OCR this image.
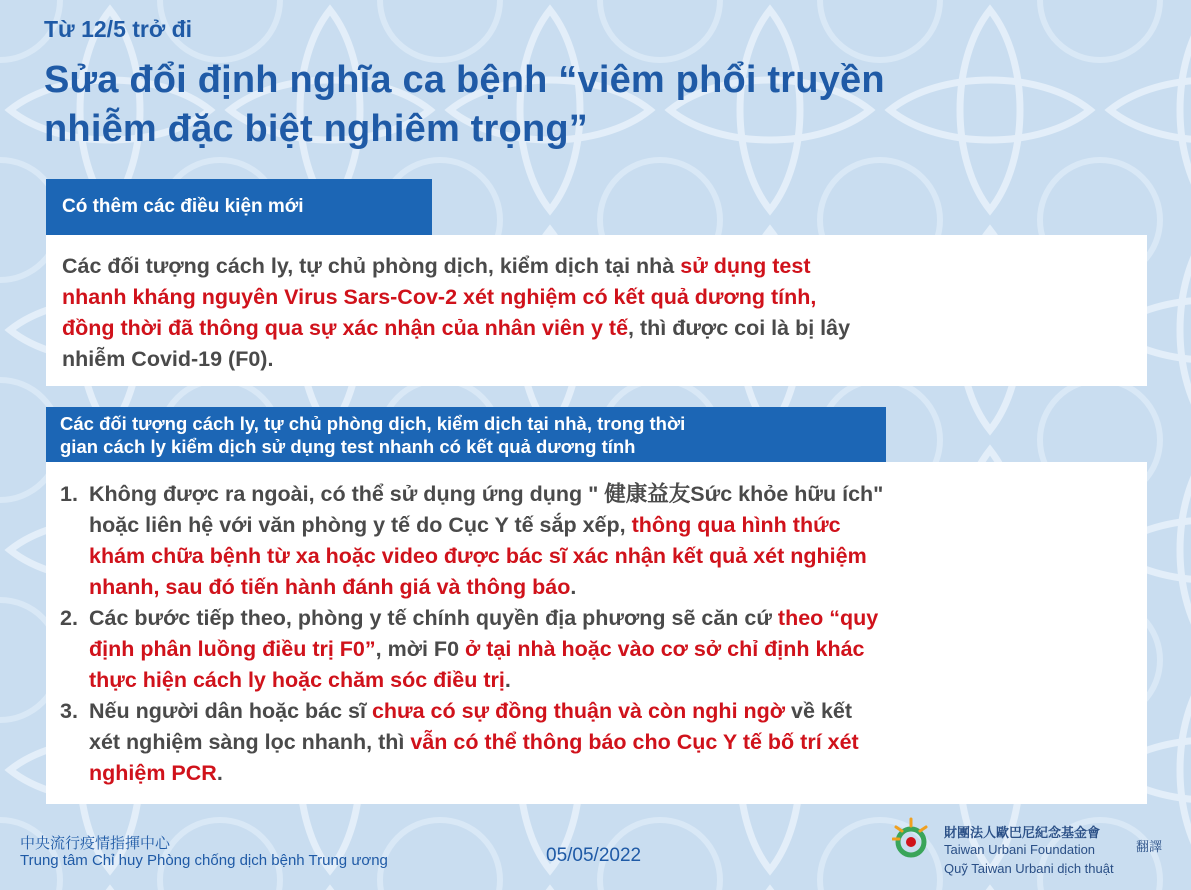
Từ 12/5 trở đi
Sửa đổi định nghĩa ca bệnh “viêm phổi truyền
nhiễm đặc biệt nghiêm trọng”
Có thêm các điều kiện mới
Các đối tượng cách ly, tự chủ phòng dịch, kiểm dịch tại nhà sử dụng test
nhanh kháng nguyên Virus Sars-Cov-2 xét nghiệm có kết quả dương tính,
đồng thời đã thông qua sự xác nhận của nhân viên y tế, thì được coi là bị lây
nhiễm Covid-19 (F0).
Các đối tượng cách ly, tự chủ phòng dịch, kiểm dịch tại nhà, trong thời
gian cách ly kiểm dịch sử dụng test nhanh có kết quả dương tính
1. Không được ra ngoài, có thể sử dụng ứng dụng " 健康益友Sức khỏe hữu ích"
hoặc liên hệ với văn phòng y tế do Cục Y tế sắp xếp, thông qua hình thức
khám chữa bệnh từ xa hoặc video được bác sĩ xác nhận kết quả xét nghiệm
nhanh, sau đó tiến hành đánh giá và thông báo.
2. Các bước tiếp theo, phòng y tế chính quyền địa phương sẽ căn cứ theo “quy
định phân luồng điều trị F0”, mời F0 ở tại nhà hoặc vào cơ sở chỉ định khác
thực hiện cách ly hoặc chăm sóc điều trị.
3. Nếu người dân hoặc bác sĩ chưa có sự đồng thuận và còn nghi ngờ về kết
xét nghiệm sàng lọc nhanh, thì vẫn có thể thông báo cho Cục Y tế bố trí xét
nghiệm PCR.
中央流行疫情指揮中心
Trung tâm Chỉ huy Phòng chống dịch bệnh Trung ương	05/05/2022
財團法人歐巴尼紀念基金會
Taiwan Urbani Foundation
Quỹ Taiwan Urbani dịch thuật
翻譯
